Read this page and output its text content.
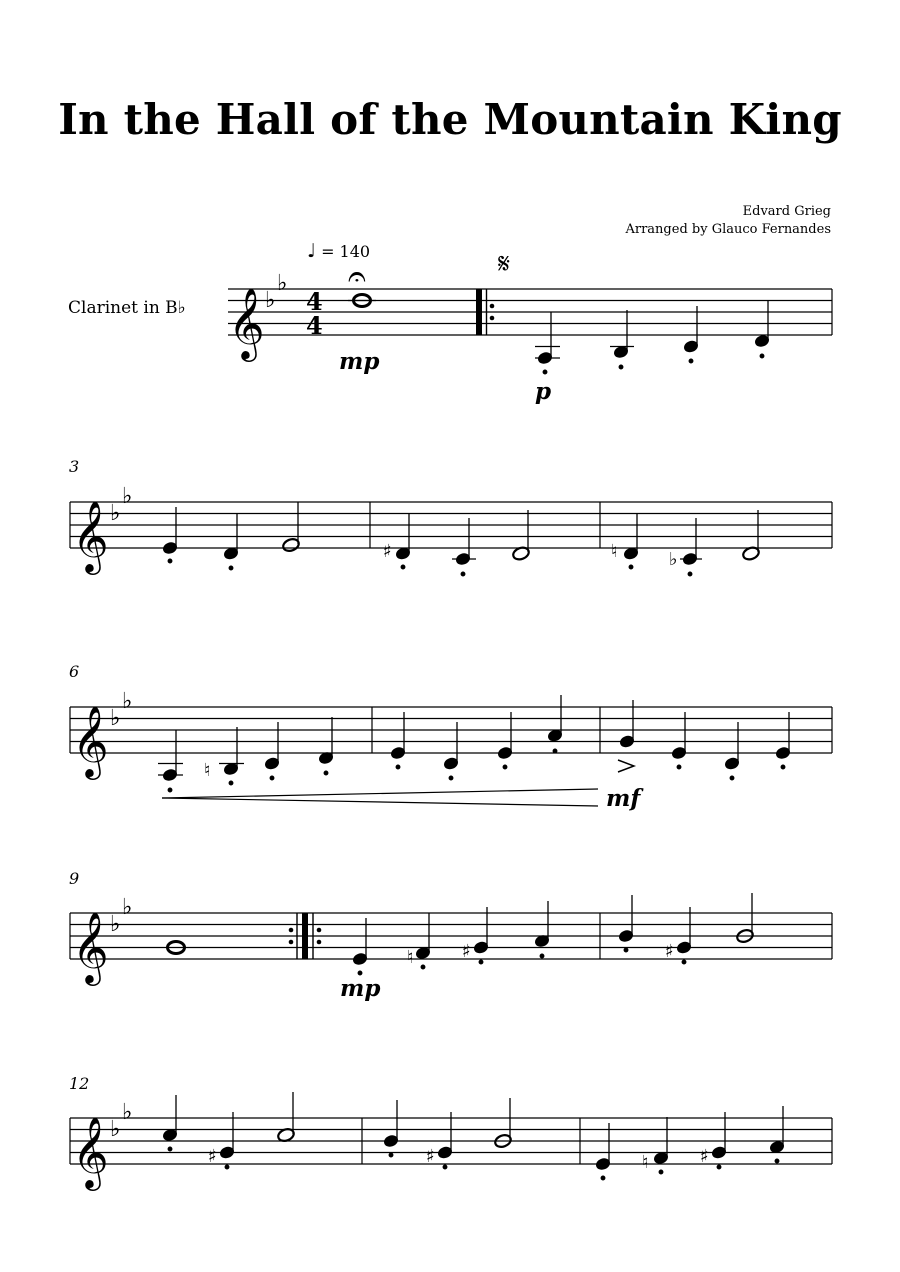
In the Hall of the Mountain King
Edvard Grieg
Arranged by Glauco Fernandes
Clarinet in B♭
♩ = 140
3
6
9
12
𝄞 ♭
♭
4
4
𝄐
mp
𝄋
p
𝄞 ♭
♭
♯	♮	♭
𝄞 ♭
♭
♮
mf
𝄞 ♭
♭
♮	♯	♯
mp
𝄞 ♭
♭
♯	♯	♮	♯
